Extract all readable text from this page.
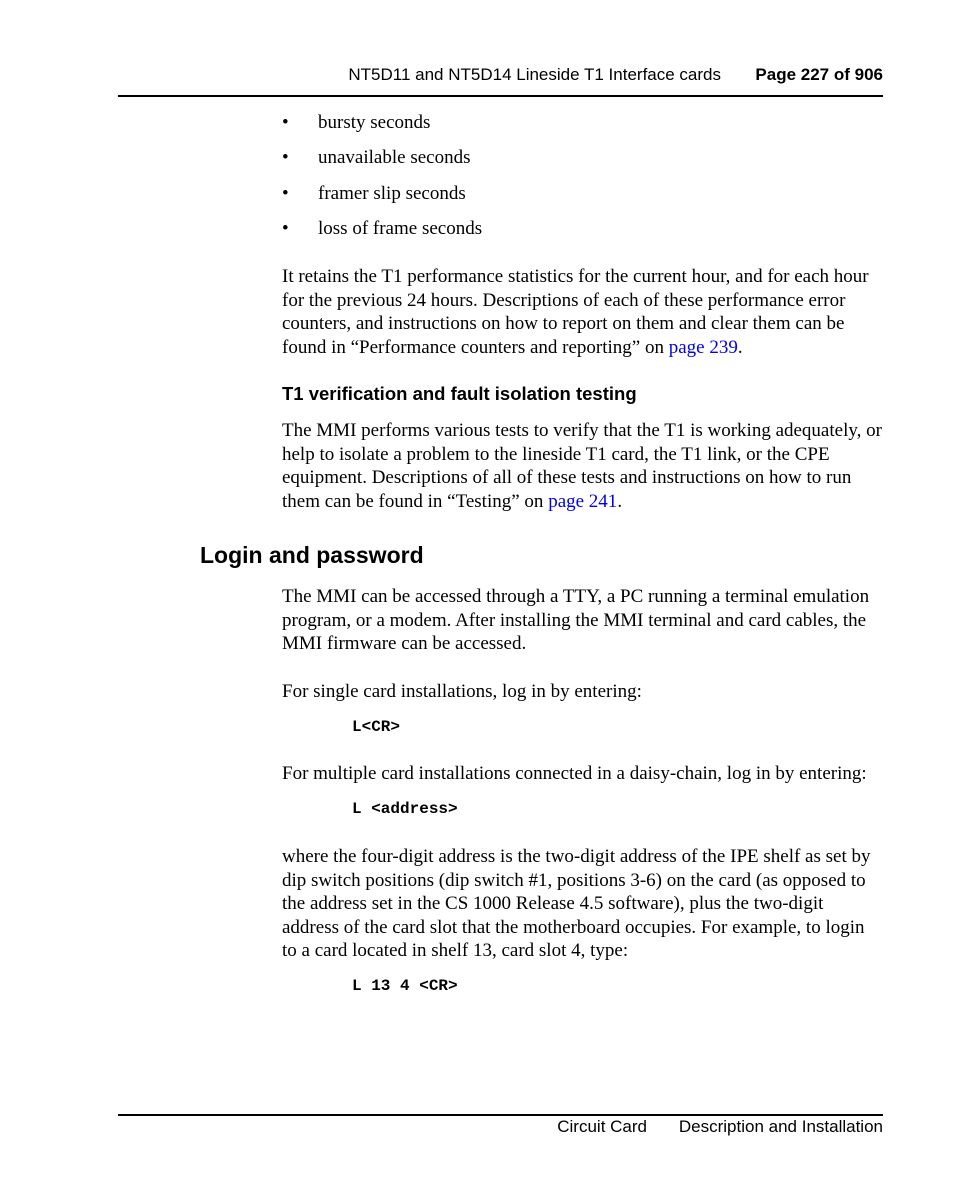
NT5D11 and NT5D14 Lineside T1 Interface cards Page 227 of 906
• bursty seconds
• unavailable seconds
• framer slip seconds
• loss of frame seconds

It retains the T1 performance statistics for the current hour, and for each hour for the previous 24 hours. Descriptions of each of these performance error counters, and instructions on how to report on them and clear them can be found in “Performance counters and reporting” on page 239.

T1 verification and fault isolation testing

The MMI performs various tests to verify that the T1 is working adequately, or help to isolate a problem to the lineside T1 card, the T1 link, or the CPE equipment. Descriptions of all of these tests and instructions on how to run them can be found in “Testing” on page 241.

Login and password

The MMI can be accessed through a TTY, a PC running a terminal emulation program, or a modem. After installing the MMI terminal and card cables, the MMI firmware can be accessed.

For single card installations, log in by entering:

L<CR>

For multiple card installations connected in a daisy-chain, log in by entering:

L <address>

where the four-digit address is the two-digit address of the IPE shelf as set by dip switch positions (dip switch #1, positions 3-6) on the card (as opposed to the address set in the CS 1000 Release 4.5 software), plus the two-digit address of the card slot that the motherboard occupies. For example, to login to a card located in shelf 13, card slot 4, type:

L 13 4 <CR>
Circuit Card Description and Installation
